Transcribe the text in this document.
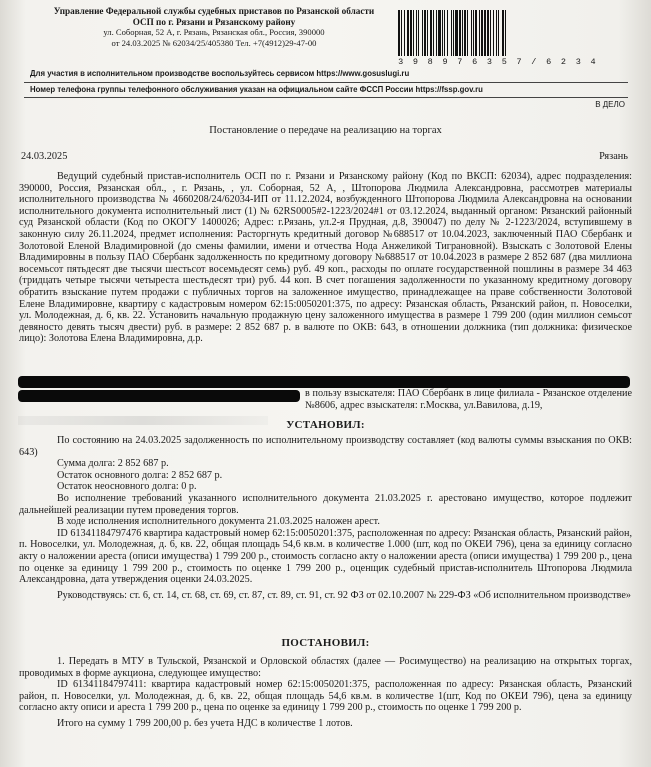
Управление Федеральной службы судебных приставов по Рязанской области
ОСП по г. Рязани и Рязанскому району
ул. Соборная, 52 А, г. Рязань, Рязанская обл., Россия, 390000
от 24.03.2025 № 62034/25/405380 Тел. +7(4912)29-47-00
3 9 8 9 7 6 3 5 7 / 6 2 3 4
Для участия в исполнительном производстве воспользуйтесь сервисом https://www.gosuslugi.ru
Номер телефона группы телефонного обслуживания указан на официальном сайте ФССП России https://fssp.gov.ru
В ДЕЛО
Постановление о передаче на реализацию на торгах
24.03.2025	Рязань

Ведущий судебный пристав-исполнитель ОСП по г. Рязани и Рязанскому району (Код по ВКСП: 62034), адрес подразделения: 390000, Россия, Рязанская обл., , г. Рязань, , ул. Соборная, 52 А, , Штопорова Людмила Александровна, рассмотрев материалы исполнительного производства № 4660208/24/62034-ИП от 11.12.2024, возбужденного Штопорова Людмила Александровна на основании исполнительного документа исполнительный лист (1) № 62RS0005#2-1223/2024#1 от 03.12.2024, выданный органом: Рязанский районный суд Рязанской области (Код по ОКОГУ 1400026; Адрес: г.Рязань, ул.2-я Прудная, д.8, 390047) по делу № 2-1223/2024, вступившему в законную силу 26.11.2024, предмет исполнения: Расторгнуть кредитный договор №688517 от 10.04.2023, заключенный ПАО Сбербанк и Золотовой Еленой Владимировной (до смены фамилии, имени и отчества Нода Анжеликой Тиграновной). Взыскать с Золотовой Елены Владимировны в пользу ПАО Сбербанк задолженность по кредитному договору №688517 от 10.04.2023 в размере 2 852 687 (два миллиона восемьсот пятьдесят две тысячи шестьсот восемьдесят семь) руб. 49 коп., расходы по оплате государственной пошлины в размере 34 463 (тридцать четыре тысячи четыреста шестьдесят три) руб. 44 коп. В счет погашения задолженности по указанному кредитному договору обратить взыскание путем продажи с публичных торгов на заложенное имущество, принадлежащее на праве собственности Золотовой Елене Владимировне, квартиру с кадастровым номером 62:15:0050201:375, по адресу: Рязанская область, Рязанский район, п. Новоселки, ул. Молодежная, д. 6, кв. 22. Установить начальную продажную цену заложенного имущества в размере 1 799 200 (один миллион семьсот девяносто девять тысяч двести) руб. в размере: 2 852 687 р. в валюте по ОКВ: 643, в отношении должника (тип должника: физическое лицо): Золотова Елена Владимировна, д.р.

в пользу взыскателя: ПАО Сбербанк в лице филиала - Рязанское отделение №8606, адрес взыскателя: г.Москва, ул.Вавилова, д.19,

УСТАНОВИЛ:

По состоянию на 24.03.2025 задолженность по исполнительному производству составляет (код валюты суммы взыскания по ОКВ: 643)

Сумма долга: 2 852 687 р.

Остаток основного долга: 2 852 687 р.

Остаток неосновного долга: 0 р.

Во исполнение требований указанного исполнительного документа 21.03.2025 г. арестовано имущество, которое подлежит дальнейшей реализации путем проведения торгов.

В ходе исполнения исполнительного документа 21.03.2025 наложен арест.

ID 61341184797476 квартира кадастровый номер 62:15:0050201:375, расположенная по адресу: Рязанская область, Рязанский район, п. Новоселки, ул. Молодежная, д. 6, кв. 22, общая площадь 54,6 кв.м. в количестве 1.000 (шт, код по ОКЕИ 796), цена за единицу согласно акту о наложении ареста (описи имущества) 1 799 200 р., стоимость согласно акту о наложении ареста (описи имущества) 1 799 200 р., цена по оценке за единицу 1 799 200 р., стоимость по оценке 1 799 200 р., оценщик судебный пристав-исполнитель Штопорова Людмила Александровна, дата утверждения оценки 24.03.2025.

Руководствуясь: ст. 6, ст. 14, ст. 68, ст. 69, ст. 87, ст. 89, ст. 91, ст. 92 ФЗ от 02.10.2007 № 229-ФЗ «Об исполнительном производстве»

ПОСТАНОВИЛ:

1. Передать в МТУ в Тульской, Рязанской и Орловской областях (далее — Росимущество) на реализацию на открытых торгах, проводимых в форме аукциона, следующее имущество:

ID 61341184797411: квартира кадастровый номер 62:15:0050201:375, расположенная по адресу: Рязанская область, Рязанский район, п. Новоселки, ул. Молодежная, д. 6, кв. 22, общая площадь 54,6 кв.м. в количестве 1(шт, Код по ОКЕИ 796), цена за единицу согласно акту описи и ареста 1 799 200 р., цена по оценке за единицу 1 799 200 р., стоимость по оценке 1 799 200 р.

Итого на сумму 1 799 200,00 р. без учета НДС в количестве 1 лотов.
